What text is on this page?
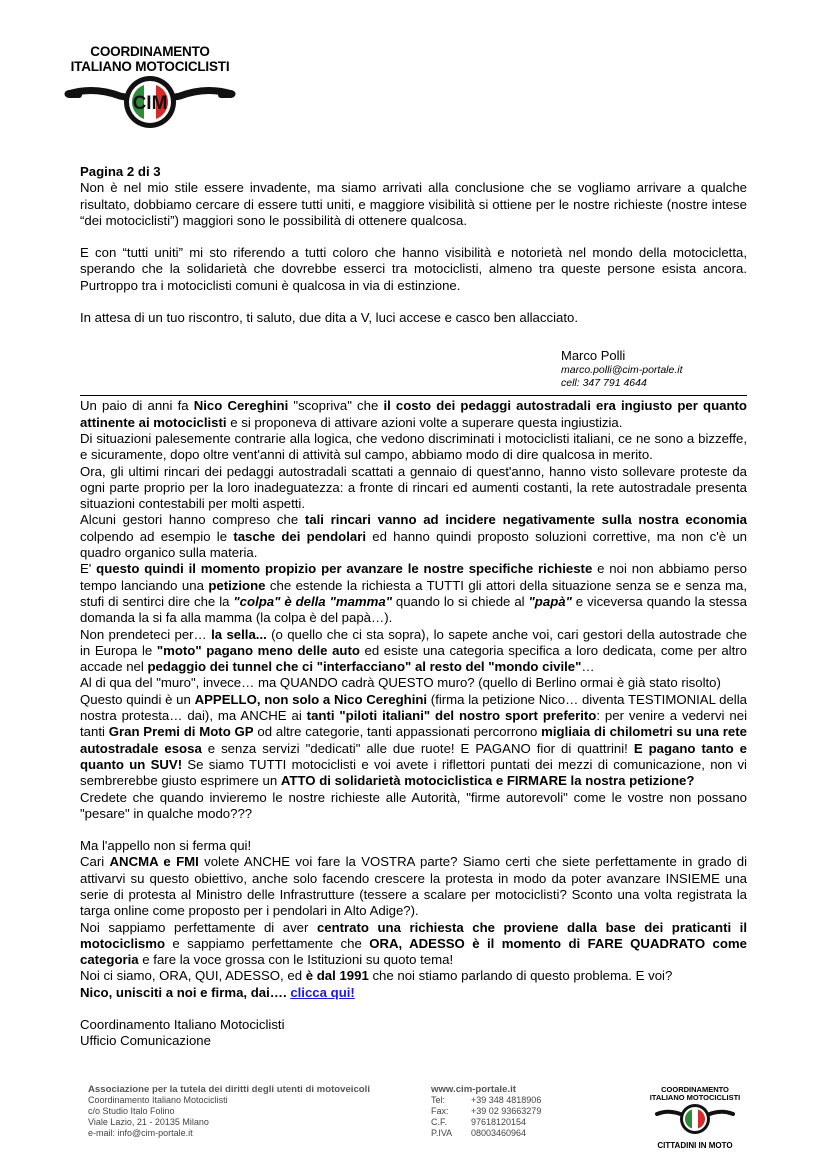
COORDINAMENTO
ITALIANO MOTOCICLISTI
CIM
Pagina 2 di 3

Non è nel mio stile essere invadente, ma siamo arrivati alla conclusione che se vogliamo arrivare a qualche risultato, dobbiamo cercare di essere tutti uniti, e maggiore visibilità si ottiene per le nostre richieste (nostre intese “dei motociclisti”) maggiori sono le possibilità di ottenere qualcosa.

E con “tutti uniti” mi sto riferendo a tutti coloro che hanno visibilità e notorietà nel mondo della motocicletta, sperando che la solidarietà che dovrebbe esserci tra motociclisti, almeno tra queste persone esista ancora. Purtroppo tra i motociclisti comuni è qualcosa in via di estinzione.

In attesa di un tuo riscontro, ti saluto, due dita a V, luci accese e casco ben allacciato.

Marco Polli
marco.polli@cim-portale.it
cell: 347 791 4644

Un paio di anni fa Nico Cereghini "scopriva" che il costo dei pedaggi autostradali era ingiusto per quanto attinente ai motociclisti e si proponeva di attivare azioni volte a superare questa ingiustizia.

Di situazioni palesemente contrarie alla logica, che vedono discriminati i motociclisti italiani, ce ne sono a bizzeffe, e sicuramente, dopo oltre vent'anni di attività sul campo, abbiamo modo di dire qualcosa in merito.

Ora, gli ultimi rincari dei pedaggi autostradali scattati a gennaio di quest'anno, hanno visto sollevare proteste da ogni parte proprio per la loro inadeguatezza: a fronte di rincari ed aumenti costanti, la rete autostradale presenta situazioni contestabili per molti aspetti.

Alcuni gestori hanno compreso che tali rincari vanno ad incidere negativamente sulla nostra economia colpendo ad esempio le tasche dei pendolari ed hanno quindi proposto soluzioni correttive, ma non c'è un quadro organico sulla materia.

E' questo quindi il momento propizio per avanzare le nostre specifiche richieste e noi non abbiamo perso tempo lanciando una petizione che estende la richiesta a TUTTI gli attori della situazione senza se e senza ma, stufi di sentirci dire che la "colpa" è della "mamma" quando lo si chiede al "papà" e viceversa quando la stessa domanda la si fa alla mamma (la colpa è del papà…).

Non prendeteci per… la sella... (o quello che ci sta sopra), lo sapete anche voi, cari gestori della autostrade che in Europa le "moto" pagano meno delle auto ed esiste una categoria specifica a loro dedicata, come per altro accade nel pedaggio dei tunnel che ci "interfacciano" al resto del "mondo civile"…

Al di qua del "muro", invece… ma QUANDO cadrà QUESTO muro? (quello di Berlino ormai è già stato risolto)

Questo quindi è un APPELLO, non solo a Nico Cereghini (firma la petizione Nico… diventa TESTIMONIAL della nostra protesta… dai), ma ANCHE ai tanti "piloti italiani" del nostro sport preferito: per venire a vedervi nei tanti Gran Premi di Moto GP od altre categorie, tanti appassionati percorrono migliaia di chilometri su una rete autostradale esosa e senza servizi "dedicati" alle due ruote! E PAGANO fior di quattrini! E pagano tanto e quanto un SUV! Se siamo TUTTI motociclisti e voi avete i riflettori puntati dei mezzi di comunicazione, non vi sembrerebbe giusto esprimere un ATTO di solidarietà motociclistica e FIRMARE la nostra petizione?

Credete che quando invieremo le nostre richieste alle Autorità, "firme autorevoli" come le vostre non possano "pesare" in qualche modo???

Ma l'appello non si ferma qui!

Cari ANCMA e FMI volete ANCHE voi fare la VOSTRA parte? Siamo certi che siete perfettamente in grado di attivarvi su questo obiettivo, anche solo facendo crescere la protesta in modo da poter avanzare INSIEME una serie di protesta al Ministro delle Infrastrutture (tessere a scalare per motociclisti? Sconto una volta registrata la targa online come proposto per i pendolari in Alto Adige?).

Noi sappiamo perfettamente di aver centrato una richiesta che proviene dalla base dei praticanti il motociclismo e sappiamo perfettamente che ORA, ADESSO è il momento di FARE QUADRATO come categoria e fare la voce grossa con le Istituzioni su quoto tema!

Noi ci siamo, ORA, QUI, ADESSO, ed è dal 1991 che noi stiamo parlando di questo problema. E voi?

Nico, unisciti a noi e firma, dai…. clicca qui!

Coordinamento Italiano Motociclisti

Ufficio Comunicazione

Associazione per la tutela dei diritti degli utenti di motoveicoli
Coordinamento Italiano Motociclisti
c/o Studio Italo Folino
Viale Lazio, 21 - 20135 Milano
e-mail: info@cim-portale.it
www.cim-portale.it
Tel:	+39 348 4818906
Fax: +39 02 93663279
C.F.	97618120154
P.IVA 08003460964
COORDINAMENTO
ITALIANO MOTOCICLISTI
CITTADINI IN MOTO
